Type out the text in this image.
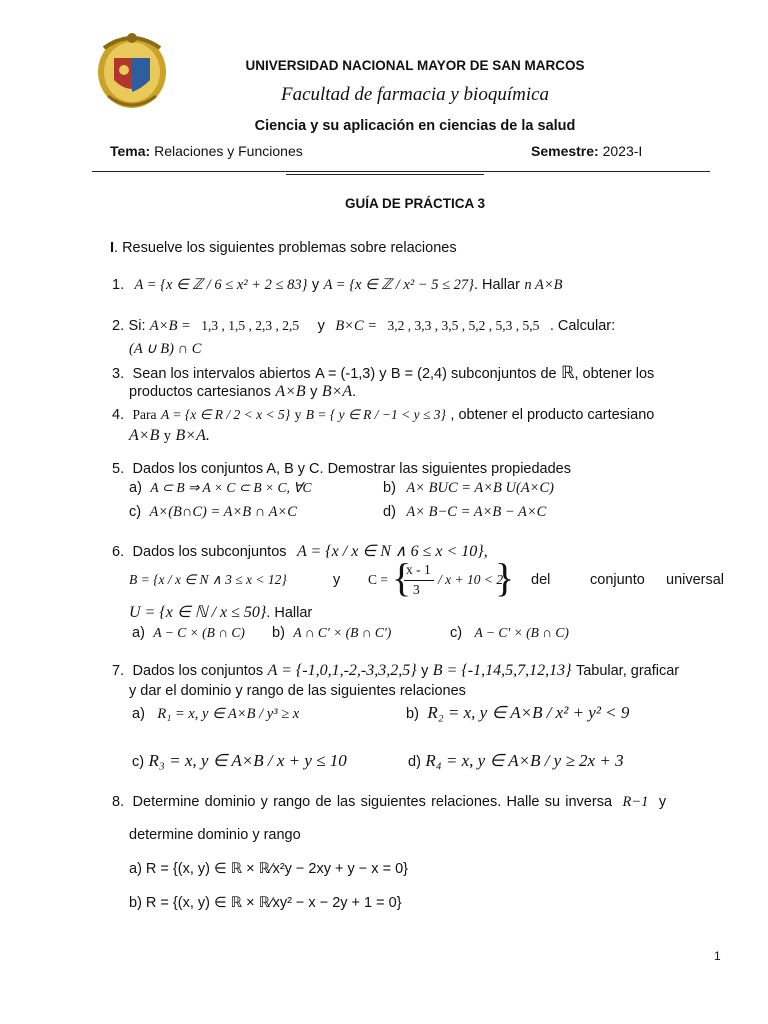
UNIVERSIDAD NACIONAL MAYOR DE SAN MARCOS
Facultad de farmacia y bioquímica
Ciencia y su aplicación en ciencias de la salud
Tema: Relaciones y Funciones	Semestre: 2023-I
GUÍA DE PRÁCTICA 3
I. Resuelve los siguientes problemas sobre relaciones
1. A = {x ∈ ℤ / 6 ≤ x² + 2 ≤ 83} y A = {x ∈ ℤ / x² − 5 ≤ 27}. Hallar n A×B
2. Si: A×B = 1,3 , 1,5 , 2,3 , 2,5 y B×C = 3,2 , 3,3 , 3,5 , 5,2 , 5,3 , 5,5 . Calcular:
(A ∪ B) ∩ C
3. Sean los intervalos abiertos A = (-1,3) y B = (2,4) subconjuntos de ℝ, obtener los
productos cartesianos A×B y B×A.
4. Para A = {x ∈ R / 2 < x < 5} y B = { y ∈ R / −1 < y ≤ 3} , obtener el producto cartesiano
A×B y B×A.
5. Dados los conjuntos A, B y C. Demostrar las siguientes propiedades
a) A ⊂ B ⇒ A × C ⊂ B × C, ∀C	b) A× BUC = A×B U(A×C)
c) A×(B∩C) = A×B ∩ A×C	d) A× B−C = A×B − A×C
6. Dados los subconjuntos A = {x / x ∈ N ∧ 6 ≤ x < 10},
B = {x / x ∈ N ∧ 3 ≤ x < 12}	y C = {
x - 1
3
/ x + 10 < 2
} del	conjunto universal
U = {x ∈ ℕ / x ≤ 50}. Hallar
a) A − C × (B ∩ C) b) A ∩ C' × (B ∩ C')	c) A − C' × (B ∩ C)
7. Dados los conjuntos A = {-1,0,1,-2,-3,3,2,5} y B = {-1,14,5,7,12,13} Tabular, graficar
y dar el dominio y rango de las siguientes relaciones
a) R₁ = x, y ∈ A×B / y³ ≥ x	b) R₂ = x, y ∈ A×B / x² + y² < 9
c) R₃ = x, y ∈ A×B / x + y ≤ 10	d) R₄ = x, y ∈ A×B / y ≥ 2x + 3
8. Determine dominio y rango de las siguientes relaciones. Halle su inversa R−1 y
determine dominio y rango
a) R = {(x, y) ∈ ℝ × ℝ⁄x²y − 2xy + y − x = 0}
b) R = {(x, y) ∈ ℝ × ℝ⁄xy² − x − 2y + 1 = 0}
1
